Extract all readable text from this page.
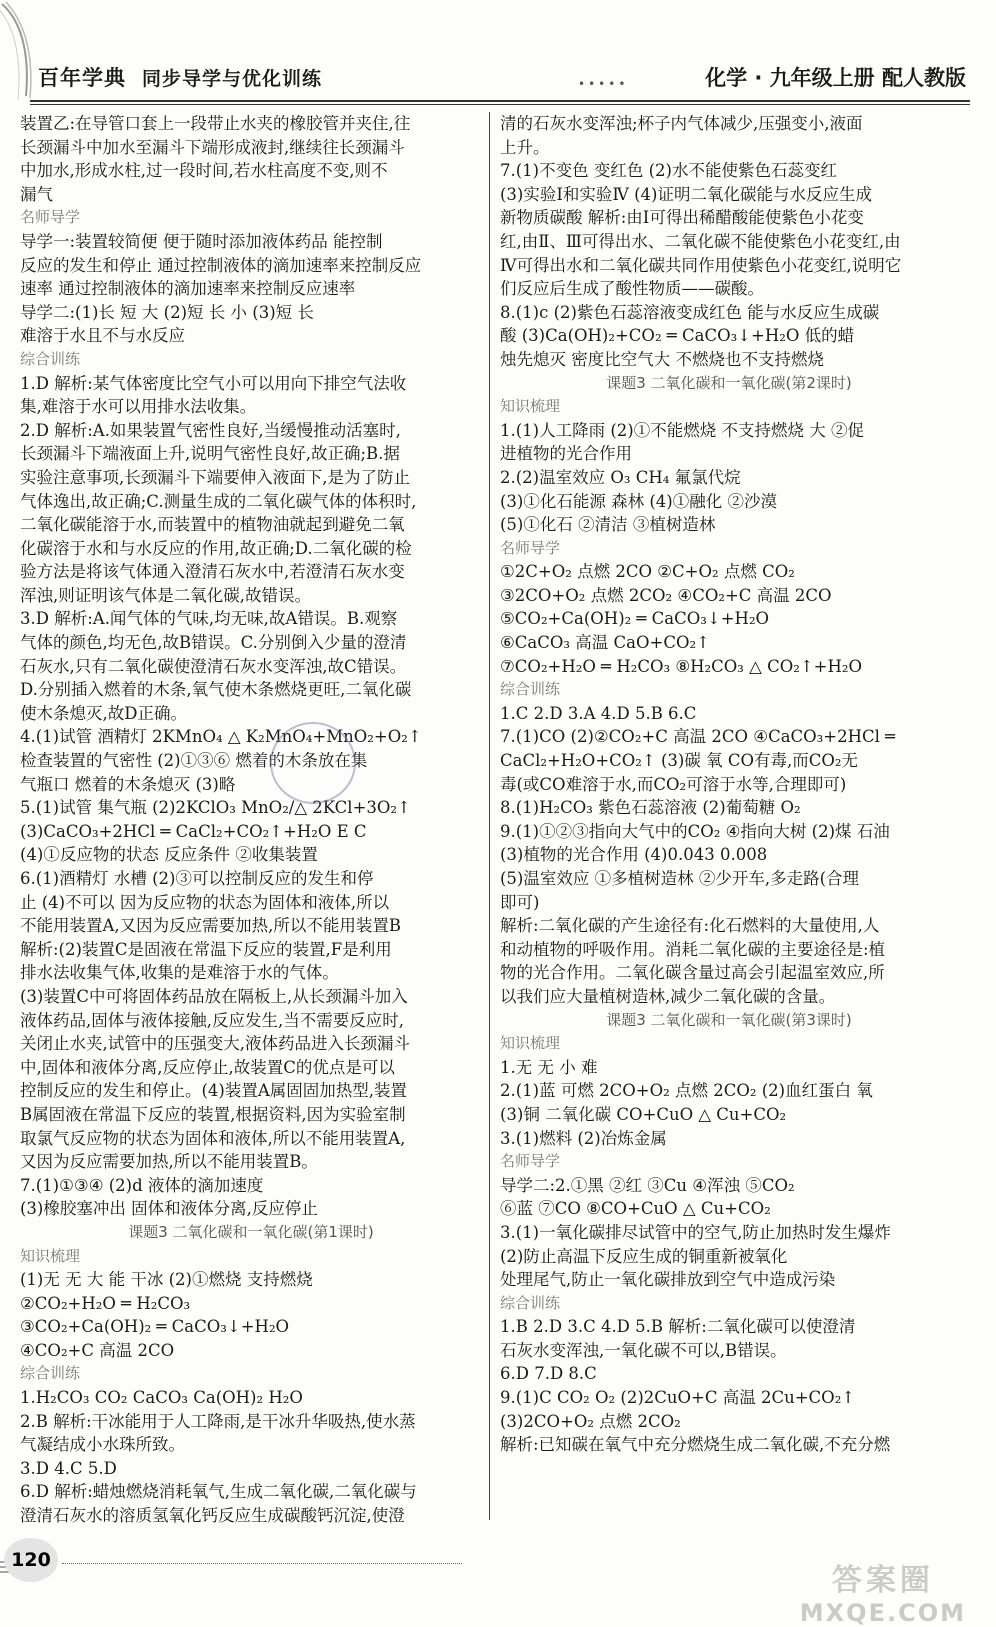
百年学典 同步导学与优化训练	•••••	化学 · 九年级上册 配人教版
装置乙:在导管口套上一段带止水夹的橡胶管并夹住,往
长颈漏斗中加水至漏斗下端形成液封,继续往长颈漏斗
中加水,形成水柱,过一段时间,若水柱高度不变,则不
漏气
名师导学
导学一:装置较简便 便于随时添加液体药品 能控制
反应的发生和停止 通过控制液体的滴加速率来控制反应
速率 通过控制液体的滴加速率来控制反应速率
导学二:(1)长 短 大 (2)短 长 小 (3)短 长
难溶于水且不与水反应
综合训练
1.D 解析:某气体密度比空气小可以用向下排空气法收
集,难溶于水可以用排水法收集。
2.D 解析:A.如果装置气密性良好,当缓慢推动活塞时,
长颈漏斗下端液面上升,说明气密性良好,故正确;B.据
实验注意事项,长颈漏斗下端要伸入液面下,是为了防止
气体逸出,故正确;C.测量生成的二氧化碳气体的体积时,
二氧化碳能溶于水,而装置中的植物油就起到避免二氧
化碳溶于水和与水反应的作用,故正确;D.二氧化碳的检
验方法是将该气体通入澄清石灰水中,若澄清石灰水变
浑浊,则证明该气体是二氧化碳,故错误。
3.D 解析:A.闻气体的气味,均无味,故A错误。B.观察
气体的颜色,均无色,故B错误。C.分别倒入少量的澄清
石灰水,只有二氧化碳使澄清石灰水变浑浊,故C错误。
D.分别插入燃着的木条,氧气使木条燃烧更旺,二氧化碳
使木条熄灭,故D正确。
4.(1)试管 酒精灯 2KMnO₄ △ K₂MnO₄+MnO₂+O₂↑
检查装置的气密性 (2)①③⑥ 燃着的木条放在集
气瓶口 燃着的木条熄灭 (3)略
5.(1)试管 集气瓶 (2)2KClO₃ MnO₂/△ 2KCl+3O₂↑
(3)CaCO₃+2HCl ═ CaCl₂+CO₂↑+H₂O E C
(4)①反应物的状态 反应条件 ②收集装置
6.(1)酒精灯 水槽 (2)③可以控制反应的发生和停
止 (4)不可以 因为反应物的状态为固体和液体,所以
不能用装置A,又因为反应需要加热,所以不能用装置B
解析:(2)装置C是固液在常温下反应的装置,F是利用
排水法收集气体,收集的是难溶于水的气体。
(3)装置C中可将固体药品放在隔板上,从长颈漏斗加入
液体药品,固体与液体接触,反应发生,当不需要反应时,
关闭止水夹,试管中的压强变大,液体药品进入长颈漏斗
中,固体和液体分离,反应停止,故装置C的优点是可以
控制反应的发生和停止。(4)装置A属固固加热型,装置
B属固液在常温下反应的装置,根据资料,因为实验室制
取氯气反应物的状态为固体和液体,所以不能用装置A,
又因为反应需要加热,所以不能用装置B。
7.(1)①③④ (2)d 液体的滴加速度
(3)橡胶塞冲出 固体和液体分离,反应停止
课题3 二氧化碳和一氧化碳(第1课时)
知识梳理
(1)无 无 大 能 干冰 (2)①燃烧 支持燃烧
②CO₂+H₂O ═ H₂CO₃
③CO₂+Ca(OH)₂ ═ CaCO₃↓+H₂O
④CO₂+C 高温 2CO
综合训练
1.H₂CO₃ CO₂ CaCO₃ Ca(OH)₂ H₂O
2.B 解析:干冰能用于人工降雨,是干冰升华吸热,使水蒸
气凝结成小水珠所致。
3.D 4.C 5.D
6.D 解析:蜡烛燃烧消耗氧气,生成二氧化碳,二氧化碳与
澄清石灰水的溶质氢氧化钙反应生成碳酸钙沉淀,使澄
清的石灰水变浑浊;杯子内气体减少,压强变小,液面
上升。
7.(1)不变色 变红色 (2)水不能使紫色石蕊变红
(3)实验Ⅰ和实验Ⅳ (4)证明二氧化碳能与水反应生成
新物质碳酸 解析:由Ⅰ可得出稀醋酸能使紫色小花变
红,由Ⅱ、Ⅲ可得出水、二氧化碳不能使紫色小花变红,由
Ⅳ可得出水和二氧化碳共同作用使紫色小花变红,说明它
们反应后生成了酸性物质——碳酸。
8.(1)c (2)紫色石蕊溶液变成红色 能与水反应生成碳
酸 (3)Ca(OH)₂+CO₂ ═ CaCO₃↓+H₂O 低的蜡
烛先熄灭 密度比空气大 不燃烧也不支持燃烧
课题3 二氧化碳和一氧化碳(第2课时)
知识梳理
1.(1)人工降雨 (2)①不能燃烧 不支持燃烧 大 ②促
进植物的光合作用
2.(2)温室效应 O₃ CH₄ 氟氯代烷
(3)①化石能源 森林 (4)①融化 ②沙漠
(5)①化石 ②清洁 ③植树造林
名师导学
①2C+O₂ 点燃 2CO ②C+O₂ 点燃 CO₂
③2CO+O₂ 点燃 2CO₂ ④CO₂+C 高温 2CO
⑤CO₂+Ca(OH)₂ ═ CaCO₃↓+H₂O
⑥CaCO₃ 高温 CaO+CO₂↑
⑦CO₂+H₂O ═ H₂CO₃ ⑧H₂CO₃ △ CO₂↑+H₂O
综合训练
1.C 2.D 3.A 4.D 5.B 6.C
7.(1)CO (2)②CO₂+C 高温 2CO ④CaCO₃+2HCl ═
CaCl₂+H₂O+CO₂↑ (3)碳 氧 CO有毒,而CO₂无
毒(或CO难溶于水,而CO₂可溶于水等,合理即可)
8.(1)H₂CO₃ 紫色石蕊溶液 (2)葡萄糖 O₂
9.(1)①②③指向大气中的CO₂ ④指向大树 (2)煤 石油
(3)植物的光合作用 (4)0.043 0.008
(5)温室效应 ①多植树造林 ②少开车,多走路(合理
即可)
解析:二氧化碳的产生途径有:化石燃料的大量使用,人
和动植物的呼吸作用。消耗二氧化碳的主要途径是:植
物的光合作用。二氧化碳含量过高会引起温室效应,所
以我们应大量植树造林,减少二氧化碳的含量。
课题3 二氧化碳和一氧化碳(第3课时)
知识梳理
1.无 无 小 难
2.(1)蓝 可燃 2CO+O₂ 点燃 2CO₂ (2)血红蛋白 氧
(3)铜 二氧化碳 CO+CuO △ Cu+CO₂
3.(1)燃料 (2)冶炼金属
名师导学
导学二:2.①黑 ②红 ③Cu ④浑浊 ⑤CO₂
⑥蓝 ⑦CO ⑧CO+CuO △ Cu+CO₂
3.(1)一氧化碳排尽试管中的空气,防止加热时发生爆炸
(2)防止高温下反应生成的铜重新被氧化
处理尾气,防止一氧化碳排放到空气中造成污染
综合训练
1.B 2.D 3.C 4.D 5.B 解析:二氧化碳可以使澄清
石灰水变浑浊,一氧化碳不可以,B错误。
6.D 7.D 8.C
9.(1)C CO₂ O₂ (2)2CuO+C 高温 2Cu+CO₂↑
(3)2CO+O₂ 点燃 2CO₂
解析:已知碳在氧气中充分燃烧生成二氧化碳,不充分燃
120
答案圈
MXQE.COM
